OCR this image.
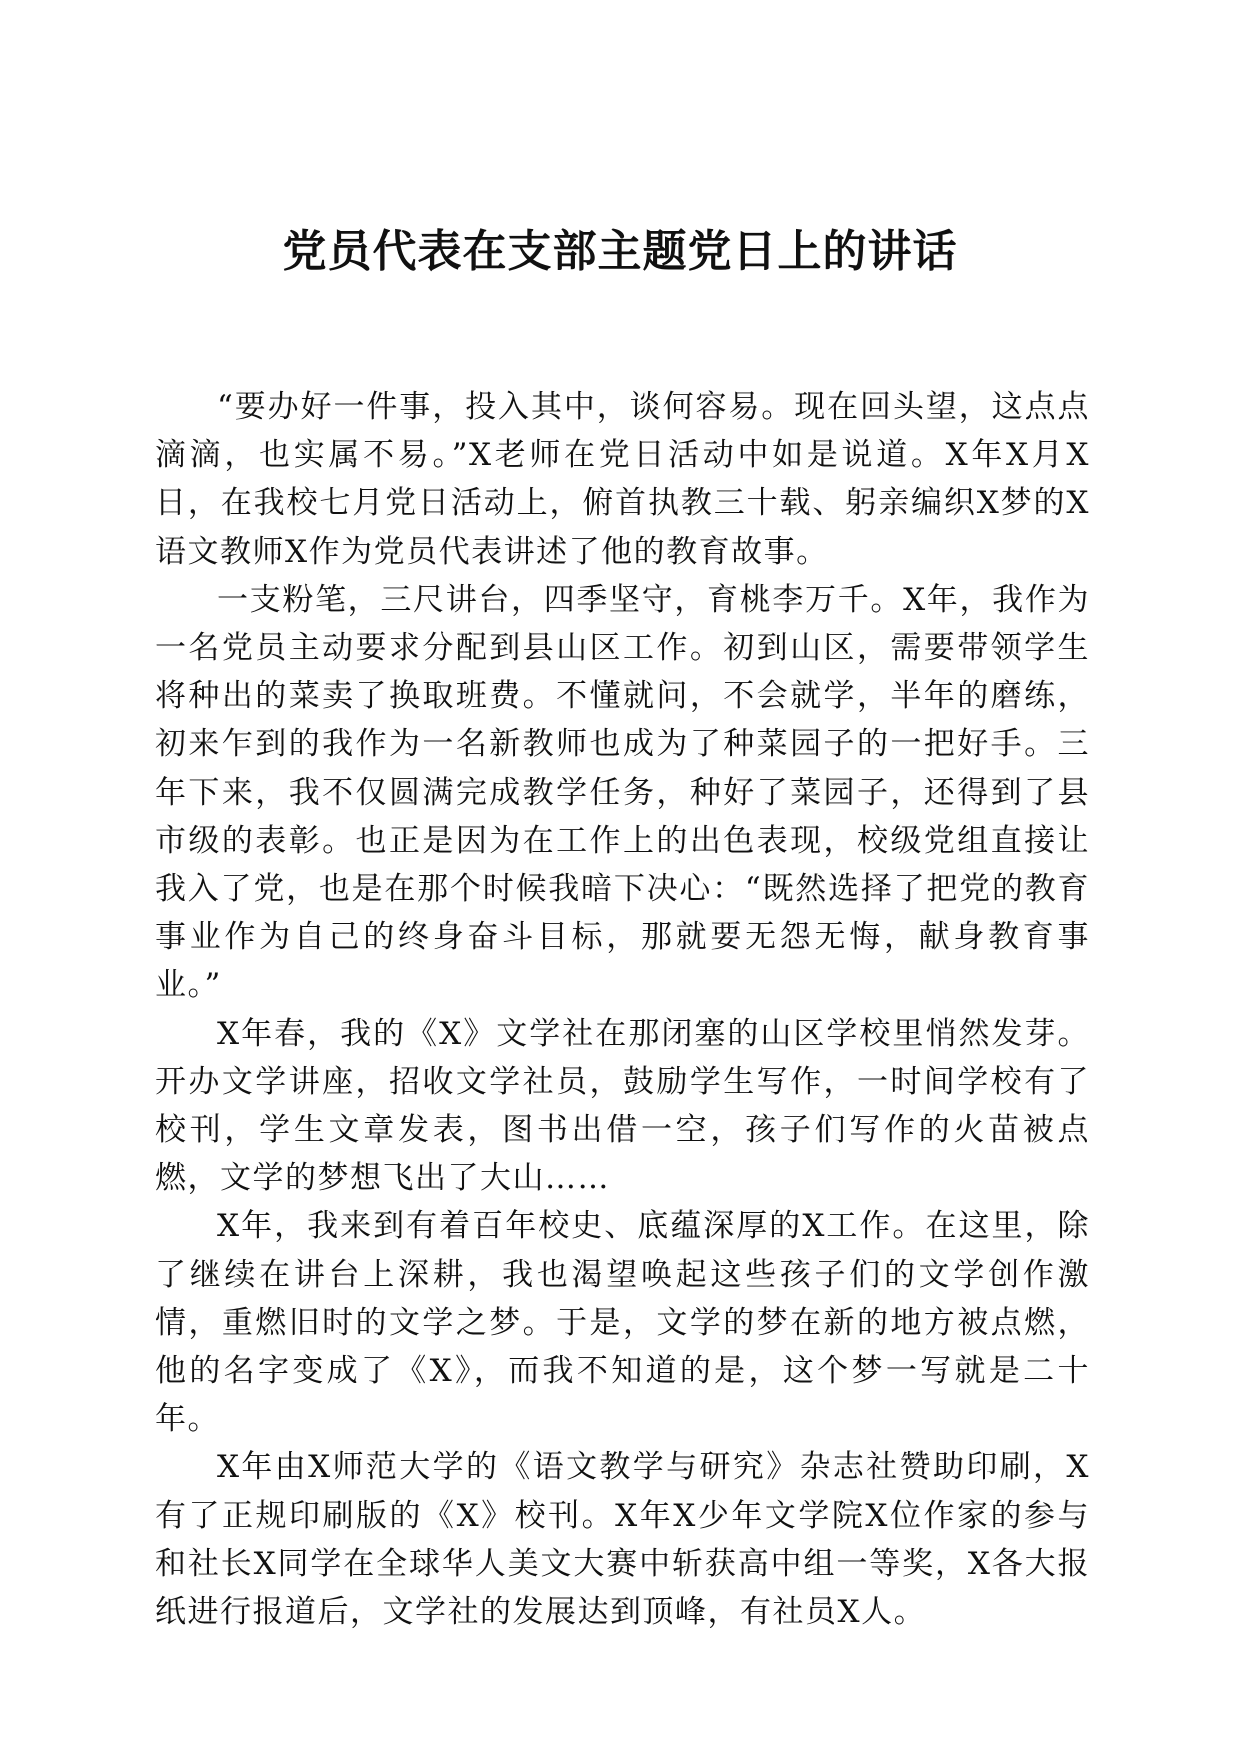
党员代表在支部主题党日上的讲话

“要办好一件事，投入其中，谈何容易。现在回头望，这点点滴滴，也实属不易。”X老师在党日活动中如是说道。X年X月X日，在我校七月党日活动上，俯首执教三十载、躬亲编织X梦的X语文教师X作为党员代表讲述了他的教育故事。

一支粉笔，三尺讲台，四季坚守，育桃李万千。X年，我作为一名党员主动要求分配到县山区工作。初到山区，需要带领学生将种出的菜卖了换取班费。不懂就问，不会就学，半年的磨练，初来乍到的我作为一名新教师也成为了种菜园子的一把好手。三年下来，我不仅圆满完成教学任务，种好了菜园子，还得到了县市级的表彰。也正是因为在工作上的出色表现，校级党组直接让我入了党，也是在那个时候我暗下决心：“既然选择了把党的教育事业作为自己的终身奋斗目标，那就要无怨无悔，献身教育事业。”

X年春，我的《X》文学社在那闭塞的山区学校里悄然发芽。开办文学讲座，招收文学社员，鼓励学生写作，一时间学校有了校刊，学生文章发表，图书出借一空，孩子们写作的火苗被点燃，文学的梦想飞出了大山……

X年，我来到有着百年校史、底蕴深厚的X工作。在这里，除了继续在讲台上深耕，我也渴望唤起这些孩子们的文学创作激情，重燃旧时的文学之梦。于是，文学的梦在新的地方被点燃，他的名字变成了《X》，而我不知道的是，这个梦一写就是二十年。

X年由X师范大学的《语文教学与研究》杂志社赞助印刷，X有了正规印刷版的《X》校刊。X年X少年文学院X位作家的参与和社长X同学在全球华人美文大赛中斩获高中组一等奖，X各大报纸进行报道后，文学社的发展达到顶峰，有社员X人。
